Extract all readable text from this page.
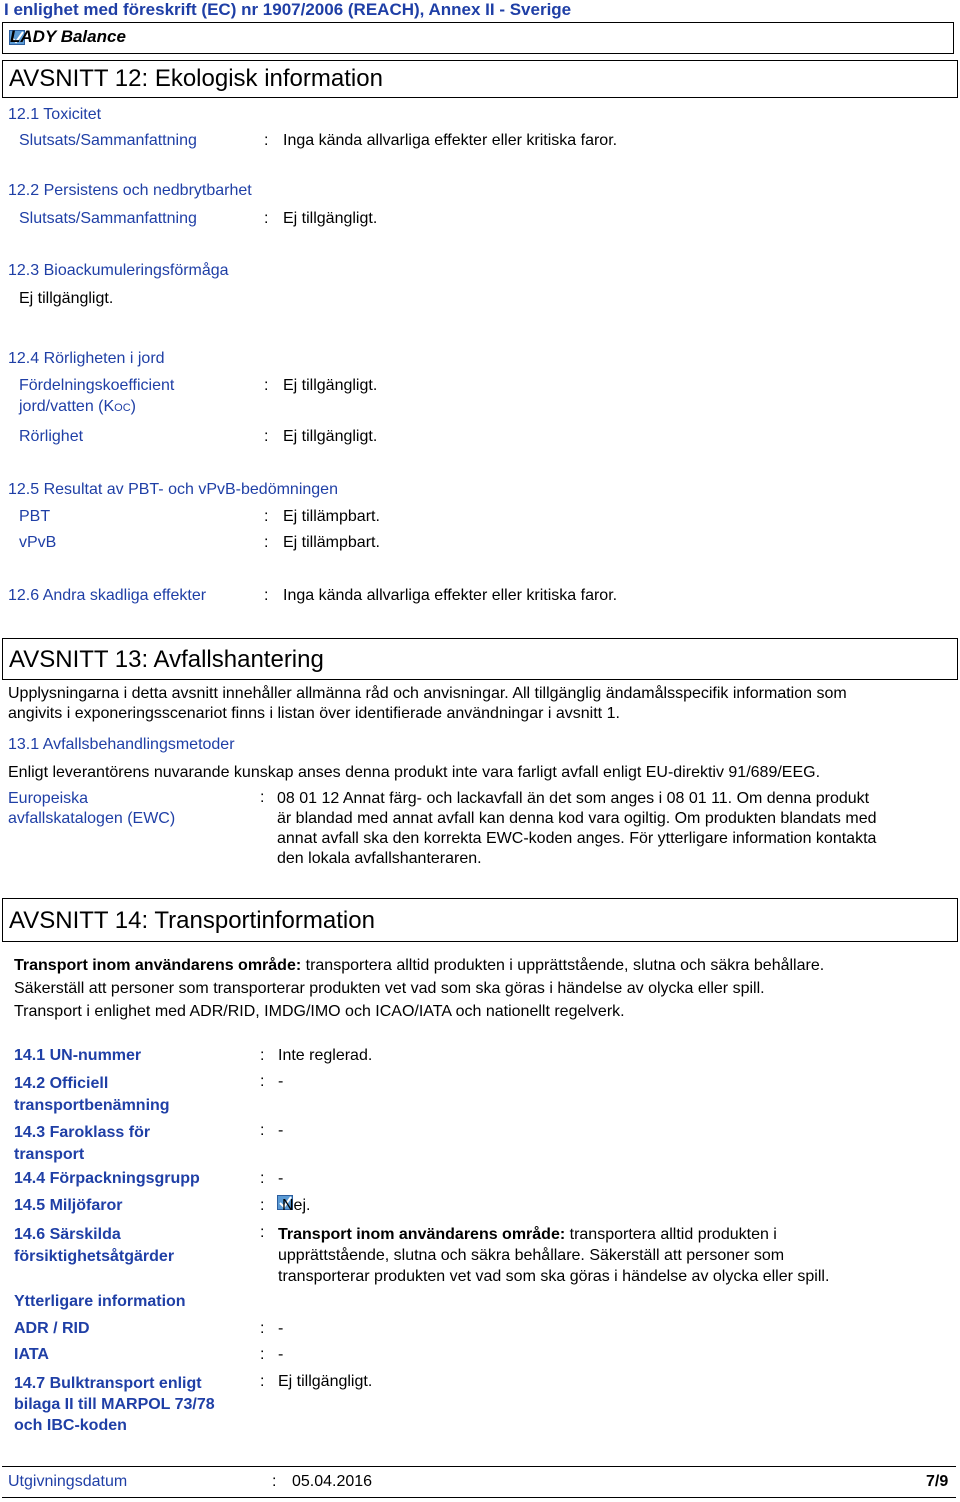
I enlighet med föreskrift (EC) nr 1907/2006 (REACH), Annex II - Sverige
LADY Balance
AVSNITT 12: Ekologisk information
12.1 Toxicitet
Slutsats/Sammanfattning	: Inga kända allvarliga effekter eller kritiska faror.
12.2 Persistens och nedbrytbarhet
Slutsats/Sammanfattning	: Ej tillgängligt.
12.3 Bioackumuleringsförmåga
Ej tillgängligt.
12.4 Rörligheten i jord
Fördelningskoefficient
jord/vatten (KOC)
: Ej tillgängligt.
Rörlighet	: Ej tillgängligt.
12.5 Resultat av PBT- och vPvB-bedömningen
PBT	: Ej tillämpbart.
vPvB	: Ej tillämpbart.
12.6 Andra skadliga effekter	: Inga kända allvarliga effekter eller kritiska faror.
AVSNITT 13: Avfallshantering
Upplysningarna i detta avsnitt innehåller allmänna råd och anvisningar. All tillgänglig ändamålsspecifik information som
angivits i exponeringsscenariot finns i listan över identifierade användningar i avsnitt 1.
13.1 Avfallsbehandlingsmetoder
Enligt leverantörens nuvarande kunskap anses denna produkt inte vara farligt avfall enligt EU-direktiv 91/689/EEG.
Europeiska
avfallskatalogen (EWC)
: 08 01 12 Annat färg- och lackavfall än det som anges i 08 01 11. Om denna produkt
är blandad med annat avfall kan denna kod vara ogiltig. Om produkten blandats med
annat avfall ska den korrekta EWC-koden anges. För ytterligare information kontakta
den lokala avfallshanteraren.
AVSNITT 14: Transportinformation
Transport inom användarens område: transportera alltid produkten i upprättstående, slutna och säkra behållare.
Säkerställ att personer som transporterar produkten vet vad som ska göras i händelse av olycka eller spill.
Transport i enlighet med ADR/RID, IMDG/IMO och ICAO/IATA och nationellt regelverk.
14.1 UN-nummer	: Inte reglerad.
14.2 Officiell
transportbenämning
: -
14.3 Faroklass för
transport
: -
14.4 Förpackningsgrupp	: -
14.5 Miljöfaror	: Nej.
14.6 Särskilda
försiktighetsåtgärder
: Transport inom användarens område: transportera alltid produkten i
upprättstående, slutna och säkra behållare. Säkerställ att personer som
transporterar produkten vet vad som ska göras i händelse av olycka eller spill.
Ytterligare information
ADR / RID	: -
IATA	: -
14.7 Bulktransport enligt
bilaga II till MARPOL 73/78
och IBC-koden
: Ej tillgängligt.
Utgivningsdatum	: 05.04.2016	7/9
